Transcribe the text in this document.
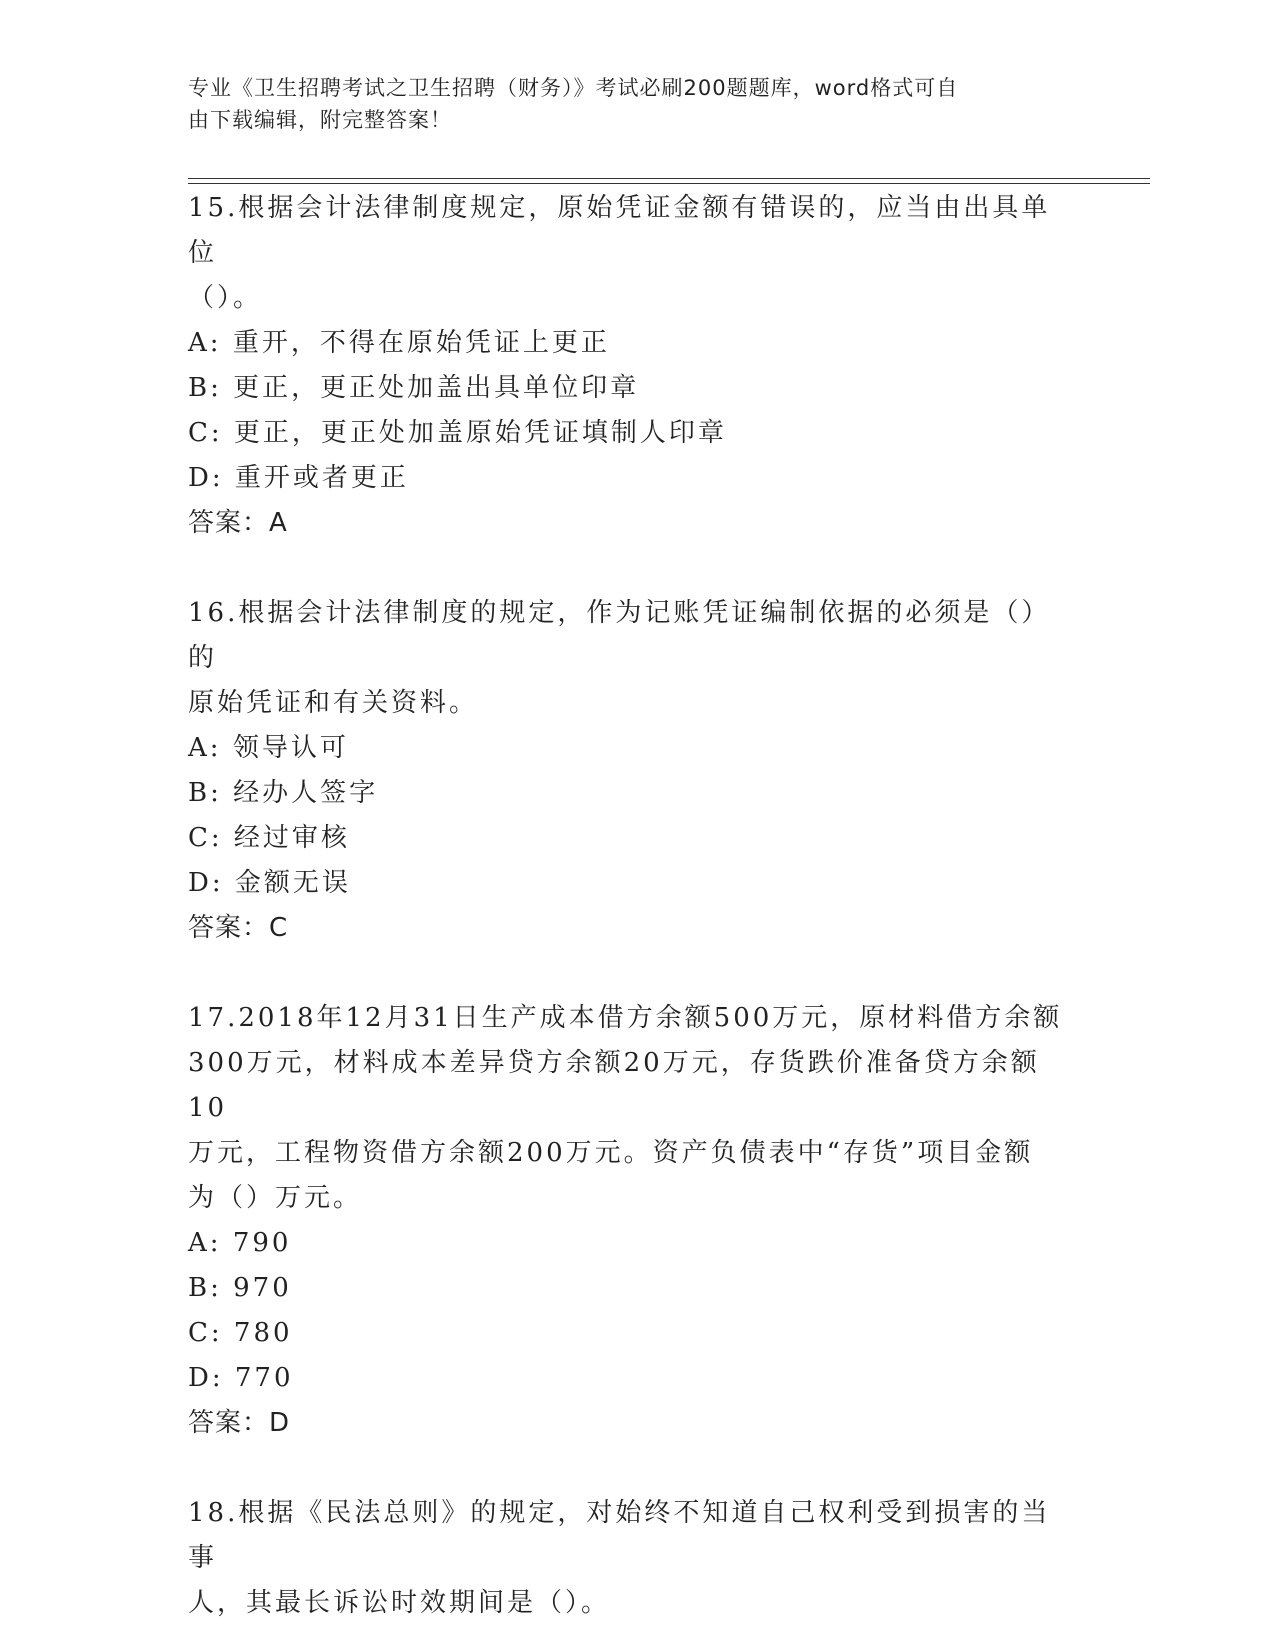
专业《卫生招聘考试之卫生招聘（财务）》考试必刷200题题库，word格式可自
由下载编辑，附完整答案！

15.根据会计法律制度规定，原始凭证金额有错误的，应当由出具单位

（）。

A: 重开，不得在原始凭证上更正

B: 更正，更正处加盖出具单位印章

C: 更正，更正处加盖原始凭证填制人印章

D: 重开或者更正

答案：A

16.根据会计法律制度的规定，作为记账凭证编制依据的必须是（）的

原始凭证和有关资料。

A: 领导认可

B: 经办人签字

C: 经过审核

D: 金额无误

答案：C

17.2018年12月31日生产成本借方余额500万元，原材料借方余额

300万元，材料成本差异贷方余额20万元，存货跌价准备贷方余额10

万元，工程物资借方余额200万元。资产负债表中“存货”项目金额

为（）万元。

A: 790

B: 970

C: 780

D: 770

答案：D

18.根据《民法总则》的规定，对始终不知道自己权利受到损害的当事

人，其最长诉讼时效期间是（）。
